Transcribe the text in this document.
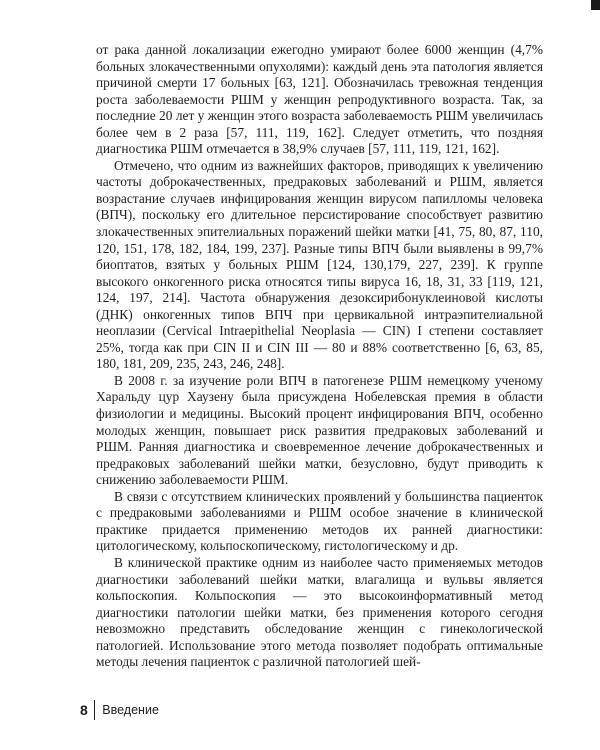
от рака данной локализации ежегодно умирают более 6000 женщин (4,7% больных злокачественными опухолями): каждый день эта патология является причиной смерти 17 больных [63, 121]. Обозначилась тревожная тенденция роста заболеваемости РШМ у женщин репродуктивного возраста. Так, за последние 20 лет у женщин этого возраста заболеваемость РШМ увеличилась более чем в 2 раза [57, 111, 119, 162]. Следует отметить, что поздняя диагностика РШМ отмечается в 38,9% случаев [57, 111, 119, 121, 162].

Отмечено, что одним из важнейших факторов, приводящих к увеличению частоты доброкачественных, предраковых заболеваний и РШМ, является возрастание случаев инфицирования женщин вирусом папилломы человека (ВПЧ), поскольку его длительное персистирование способствует развитию злокачественных эпителиальных поражений шейки матки [41, 75, 80, 87, 110, 120, 151, 178, 182, 184, 199, 237]. Разные типы ВПЧ были выявлены в 99,7% биоптатов, взятых у больных РШМ [124, 130,179, 227, 239]. К группе высокого онкогенного риска относятся типы вируса 16, 18, 31, 33 [119, 121, 124, 197, 214]. Частота обнаружения дезоксирибонуклеиновой кислоты (ДНК) онкогенных типов ВПЧ при цервикальной интраэпителиальной неоплазии (Cervical Intraepithelial Neoplasia — CIN) I степени составляет 25%, тогда как при CIN II и CIN III — 80 и 88% соответственно [6, 63, 85, 180, 181, 209, 235, 243, 246, 248].

В 2008 г. за изучение роли ВПЧ в патогенезе РШМ немецкому ученому Харальду цур Хаузену была присуждена Нобелевская премия в области физиологии и медицины. Высокий процент инфицирования ВПЧ, особенно молодых женщин, повышает риск развития предраковых заболеваний и РШМ. Ранняя диагностика и своевременное лечение доброкачественных и предраковых заболеваний шейки матки, безусловно, будут приводить к снижению заболеваемости РШМ.

В связи с отсутствием клинических проявлений у большинства пациенток с предраковыми заболеваниями и РШМ особое значение в клинической практике придается применению методов их ранней диагностики: цитологическому, кольпоскопическому, гистологическому и др.

В клинической практике одним из наиболее часто применяемых методов диагностики заболеваний шейки матки, влагалища и вульвы является кольпоскопия. Кольпоскопия — это высокоинформативный метод диагностики патологии шейки матки, без применения которого сегодня невозможно представить обследование женщин с гинекологической патологией. Использование этого метода позволяет подобрать оптимальные методы лечения пациенток с различной патологией шей-

8 Введение
